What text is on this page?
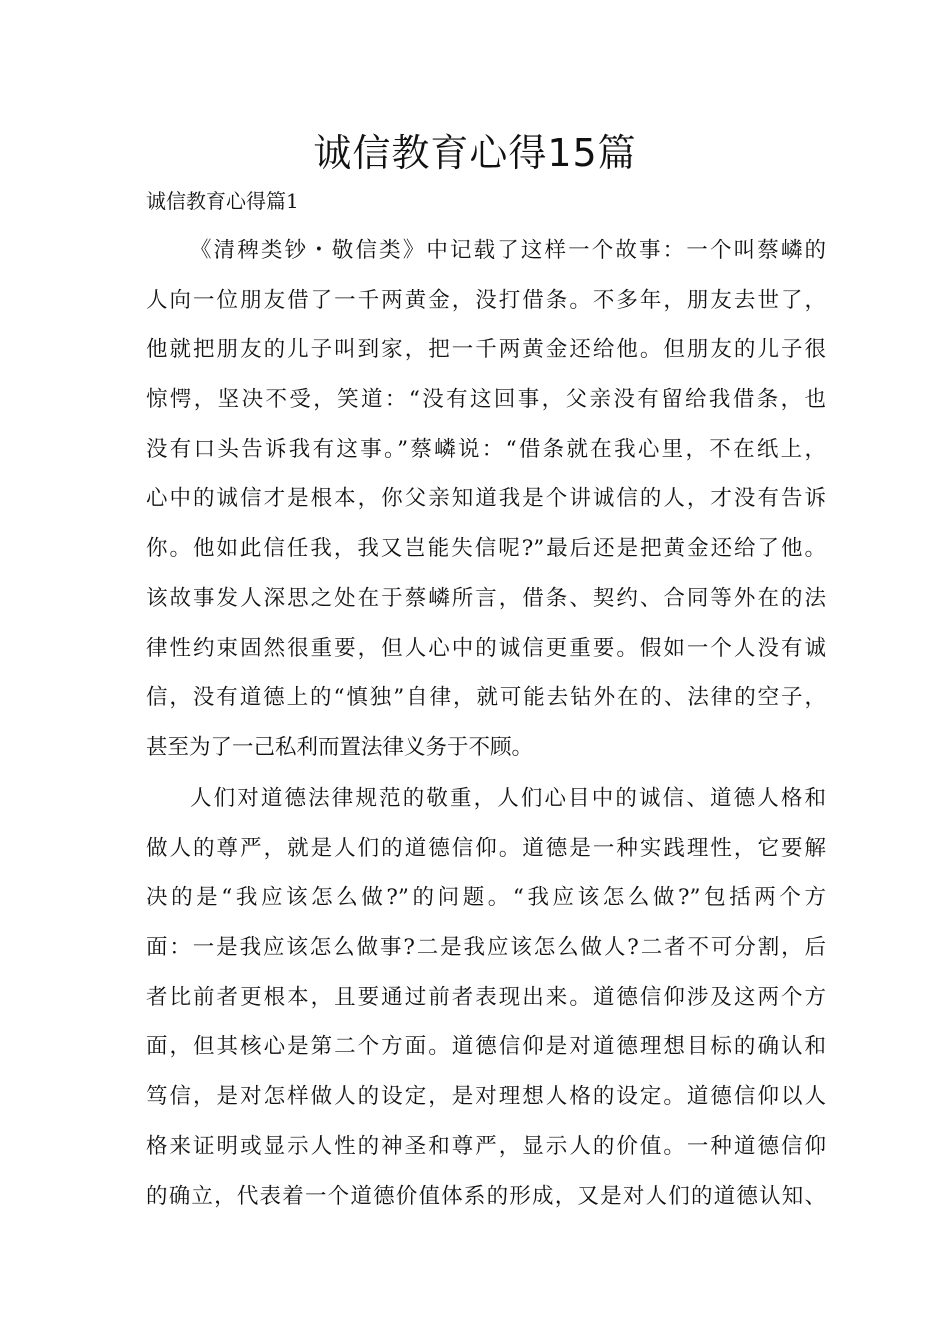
诚信教育心得15篇
诚信教育心得篇1
《清稗类钞・敬信类》中记载了这样一个故事：一个叫蔡嶙的
人向一位朋友借了一千两黄金，没打借条。不多年，朋友去世了，
他就把朋友的儿子叫到家，把一千两黄金还给他。但朋友的儿子很
惊愕，坚决不受，笑道：“没有这回事，父亲没有留给我借条，也
没有口头告诉我有这事。”蔡嶙说：“借条就在我心里，不在纸上，
心中的诚信才是根本，你父亲知道我是个讲诚信的人，才没有告诉
你。他如此信任我，我又岂能失信呢?”最后还是把黄金还给了他。
该故事发人深思之处在于蔡嶙所言，借条、契约、合同等外在的法
律性约束固然很重要，但人心中的诚信更重要。假如一个人没有诚
信，没有道德上的“慎独”自律，就可能去钻外在的、法律的空子，
甚至为了一己私利而置法律义务于不顾。
人们对道德法律规范的敬重，人们心目中的诚信、道德人格和
做人的尊严，就是人们的道德信仰。道德是一种实践理性，它要解
决的是“我应该怎么做?”的问题。“我应该怎么做?”包括两个方
面：一是我应该怎么做事?二是我应该怎么做人?二者不可分割，后
者比前者更根本，且要通过前者表现出来。道德信仰涉及这两个方
面，但其核心是第二个方面。道德信仰是对道德理想目标的确认和
笃信，是对怎样做人的设定，是对理想人格的设定。道德信仰以人
格来证明或显示人性的神圣和尊严，显示人的价值。一种道德信仰
的确立，代表着一个道德价值体系的形成，又是对人们的道德认知、
